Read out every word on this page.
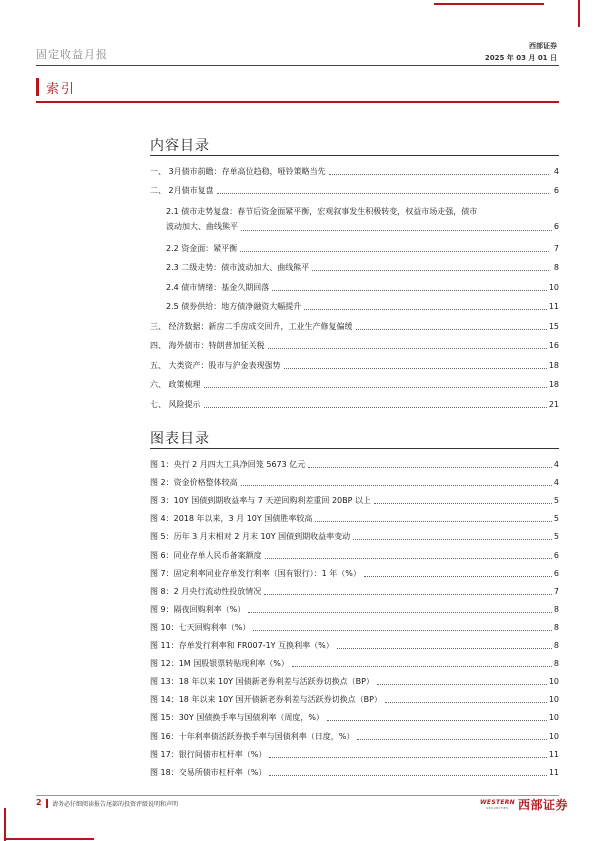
固定收益月报
西部证券
2025 年 03 月 01 日
索引
内容目录
一、 3月债市前瞻：存单高位趋稳，哑铃策略当先	4
二、 2月债市复盘	6
2.1 债市走势复盘：春节后资金面紧平衡，宏观叙事发生积极转变，权益市场走强，债市
波动加大、曲线熊平	6
2.2 资金面：紧平衡	7
2.3 二级走势：债市波动加大、曲线熊平	8
2.4 债市情绪：基金久期回落	10
2.5 债券供给：地方债净融资大幅提升	11
三、 经济数据：新房二手房成交回升，工业生产修复偏缓	15
四、 海外债市：特朗普加征关税	16
五、 大类资产：股市与沪金表现强势	18
六、 政策梳理	18
七、 风险提示	21
图表目录
图 1：央行 2 月四大工具净回笼 5673 亿元	4
图 2：资金价格整体较高	4
图 3：10Y 国债到期收益率与 7 天逆回购利差重回 20BP 以上	5
图 4：2018 年以来，3 月 10Y 国债胜率较高	5
图 5：历年 3 月末相对 2 月末 10Y 国债到期收益率变动	5
图 6：同业存单人民币备案额度	6
图 7：固定利率同业存单发行利率（国有银行）：1 年（%）	6
图 8：2 月央行流动性投放情况	7
图 9：隔夜回购利率（%）	8
图 10：七天回购利率（%）	8
图 11：存单发行利率和 FR007-1Y 互换利率（%）	8
图 12：1M 国股银票转贴现利率（%）	8
图 13：18 年以来 10Y 国债新老券利差与活跃券切换点（BP）	10
图 14：18 年以来 10Y 国开债新老券利差与活跃券切换点（BP）	10
图 15：30Y 国债换手率与国债利率（周度，%）	10
图 16：十年利率债活跃券换手率与国债利率（日度，%）	10
图 17：银行间债市杠杆率（%）	11
图 18：交易所债市杠杆率（%）	11
2 请务必仔细阅读报告尾部的投资评级说明和声明	WESTERN
SECURITIES 西部证券
